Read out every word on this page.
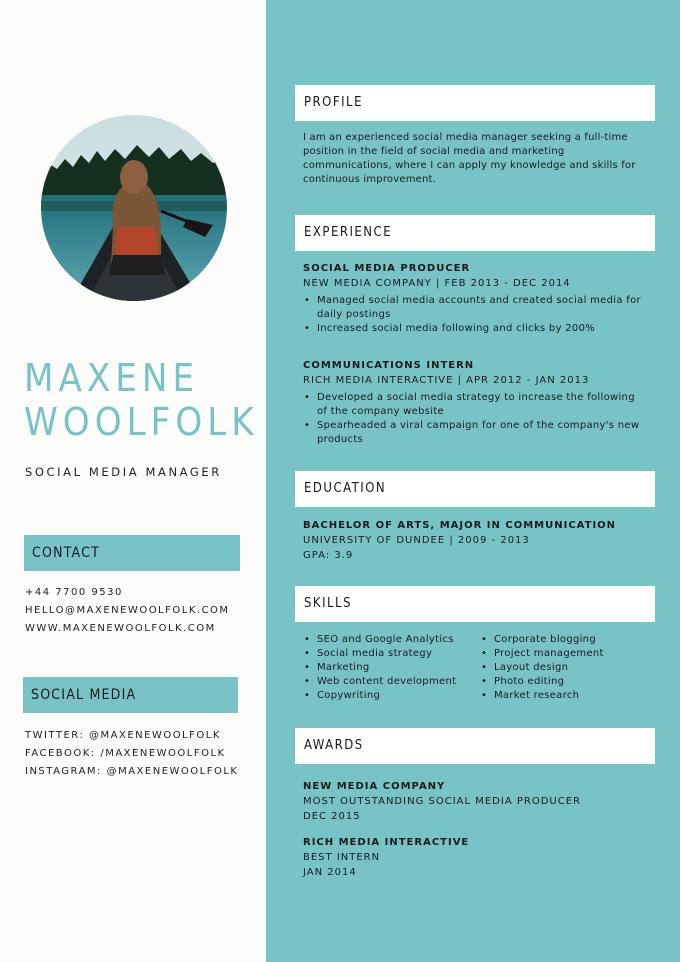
MAXENE
WOOLFOLK
SOCIAL MEDIA MANAGER
CONTACT
+44 7700 9530
HELLO@MAXENEWOOLFOLK.COM
WWW.MAXENEWOOLFOLK.COM
SOCIAL MEDIA
TWITTER: @MAXENEWOOLFOLK
FACEBOOK: /MAXENEWOOLFOLK
INSTAGRAM: @MAXENEWOOLFOLK
PROFILE
I am an experienced social media manager seeking a full-time position in the field of social media and marketing communications, where I can apply my knowledge and skills for continuous improvement.
EXPERIENCE

SOCIAL MEDIA PRODUCER

NEW MEDIA COMPANY | FEB 2013 - DEC 2014

• Managed social media accounts and created social media for daily postings
• Increased social media following and clicks by 200%

COMMUNICATIONS INTERN

RICH MEDIA INTERACTIVE | APR 2012 - JAN 2013

• Developed a social media strategy to increase the following of the company website
• Spearheaded a viral campaign for one of the company's new products
EDUCATION

BACHELOR OF ARTS, MAJOR IN COMMUNICATION

UNIVERSITY OF DUNDEE | 2009 - 2013

GPA: 3.9

SKILLS
• SEO and Google Analytics
• Social media strategy
• Marketing
• Web content development
• Copywriting
• Corporate blogging
• Project management
• Layout design
• Photo editing
• Market research
AWARDS

NEW MEDIA COMPANY

MOST OUTSTANDING SOCIAL MEDIA PRODUCER

DEC 2015

RICH MEDIA INTERACTIVE

BEST INTERN

JAN 2014
